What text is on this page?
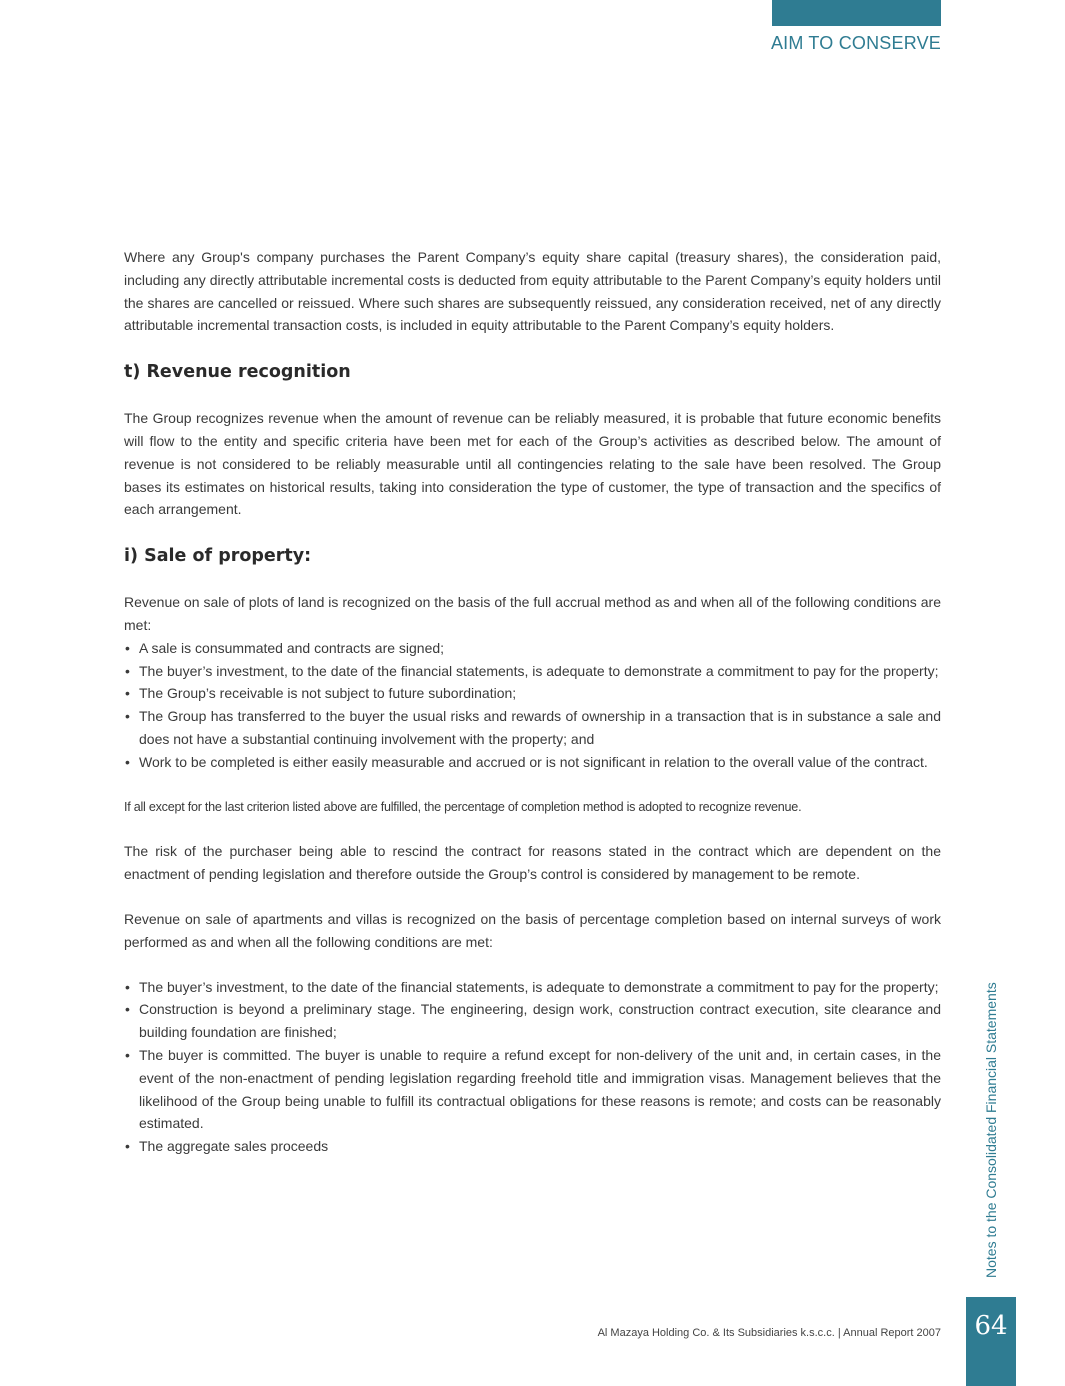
AIM TO CONSERVE

Where any Group's company purchases the Parent Company’s equity share capital (treasury shares), the consideration paid, including any directly attributable incremental costs is deducted from equity attributable to the Parent Company’s equity holders until the shares are cancelled or reissued. Where such shares are subsequently reissued, any consideration received, net of any directly attributable incremental transaction costs, is included in equity attributable to the Parent Company’s equity holders.

t) Revenue recognition

The Group recognizes revenue when the amount of revenue can be reliably measured, it is probable that future economic benefits will flow to the entity and specific criteria have been met for each of the Group’s activities as described below. The amount of revenue is not considered to be reliably measurable until all contingencies relating to the sale have been resolved. The Group bases its estimates on historical results, taking into consideration the type of customer, the type of transaction and the specifics of each arrangement.

i) Sale of property:

Revenue on sale of plots of land is recognized on the basis of the full accrual method as and when all of the following conditions are met:

• A sale is consummated and contracts are signed;
• The buyer’s investment, to the date of the financial statements, is adequate to demonstrate a commitment to pay for the property;
• The Group’s receivable is not subject to future subordination;
• The Group has transferred to the buyer the usual risks and rewards of ownership in a transaction that is in substance a sale and does not have a substantial continuing involvement with the property; and
• Work to be completed is either easily measurable and accrued or is not significant in relation to the overall value of the contract.

If all except for the last criterion listed above are fulfilled, the percentage of completion method is adopted to recognize revenue.

The risk of the purchaser being able to rescind the contract for reasons stated in the contract which are dependent on the enactment of pending legislation and therefore outside the Group’s control is considered by management to be remote.

Revenue on sale of apartments and villas is recognized on the basis of percentage completion based on internal surveys of work performed as and when all the following conditions are met:

• The buyer’s investment, to the date of the financial statements, is adequate to demonstrate a commitment to pay for the property;
• Construction is beyond a preliminary stage. The engineering, design work, construction contract execution, site clearance and building foundation are finished;
• The buyer is committed. The buyer is unable to require a refund except for non-delivery of the unit and, in certain cases, in the event of the non-enactment of pending legislation regarding freehold title and immigration visas. Management believes that the likelihood of the Group being unable to fulfill its contractual obligations for these reasons is remote; and costs can be reasonably estimated.
• The aggregate sales proceeds	Notes to the Consolidated Financial Statements
Al Mazaya Holding Co. & Its Subsidiaries k.s.c.c. | Annual Report 2007	64
